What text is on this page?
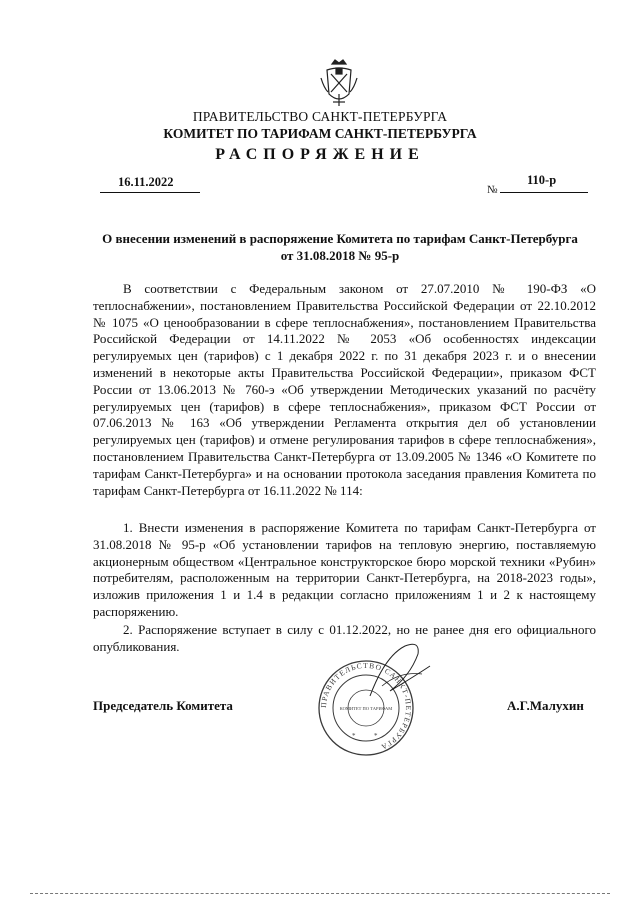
ПРАВИТЕЛЬСТВО САНКТ-ПЕТЕРБУРГА
КОМИТЕТ ПО ТАРИФАМ САНКТ-ПЕТЕРБУРГА
РАСПОРЯЖЕНИЕ
16.11.2022
№
110-р
О внесении изменений в распоряжение Комитета по тарифам Санкт-Петербурга от 31.08.2018 № 95-р
В соответствии с Федеральным законом от 27.07.2010 № 190-ФЗ «О теплоснабжении», постановлением Правительства Российской Федерации от 22.10.2012 № 1075 «О ценообразовании в сфере теплоснабжения», постановлением Правительства Российской Федерации от 14.11.2022 № 2053 «Об особенностях индексации регулируемых цен (тарифов) с 1 декабря 2022 г. по 31 декабря 2023 г. и о внесении изменений в некоторые акты Правительства Российской Федерации», приказом ФСТ России от 13.06.2013 № 760-э «Об утверждении Методических указаний по расчёту регулируемых цен (тарифов) в сфере теплоснабжения», приказом ФСТ России от 07.06.2013 № 163 «Об утверждении Регламента открытия дел об установлении регулируемых цен (тарифов) и отмене регулирования тарифов в сфере теплоснабжения», постановлением Правительства Санкт-Петербурга от 13.09.2005 № 1346 «О Комитете по тарифам Санкт-Петербурга» и на основании протокола заседания правления Комитета по тарифам Санкт-Петербурга от 16.11.2022 № 114:
1. Внести изменения в распоряжение Комитета по тарифам Санкт-Петербурга от 31.08.2018 № 95-р «Об установлении тарифов на тепловую энергию, поставляемую акционерным обществом «Центральное конструкторское бюро морской техники «Рубин» потребителям, расположенным на территории Санкт-Петербурга, на 2018-2023 годы», изложив приложения 1 и 1.4 в редакции согласно приложениям 1 и 2 к настоящему распоряжению.
2. Распоряжение вступает в силу с 01.12.2022, но не ранее дня его официального опубликования.
Председатель Комитета	А.Г.Малухин
ПРАВИТЕЛЬСТВО САНКТ-ПЕТЕРБУРГА
КОМИТЕТ ПО ТАРИФАМ
*	*
